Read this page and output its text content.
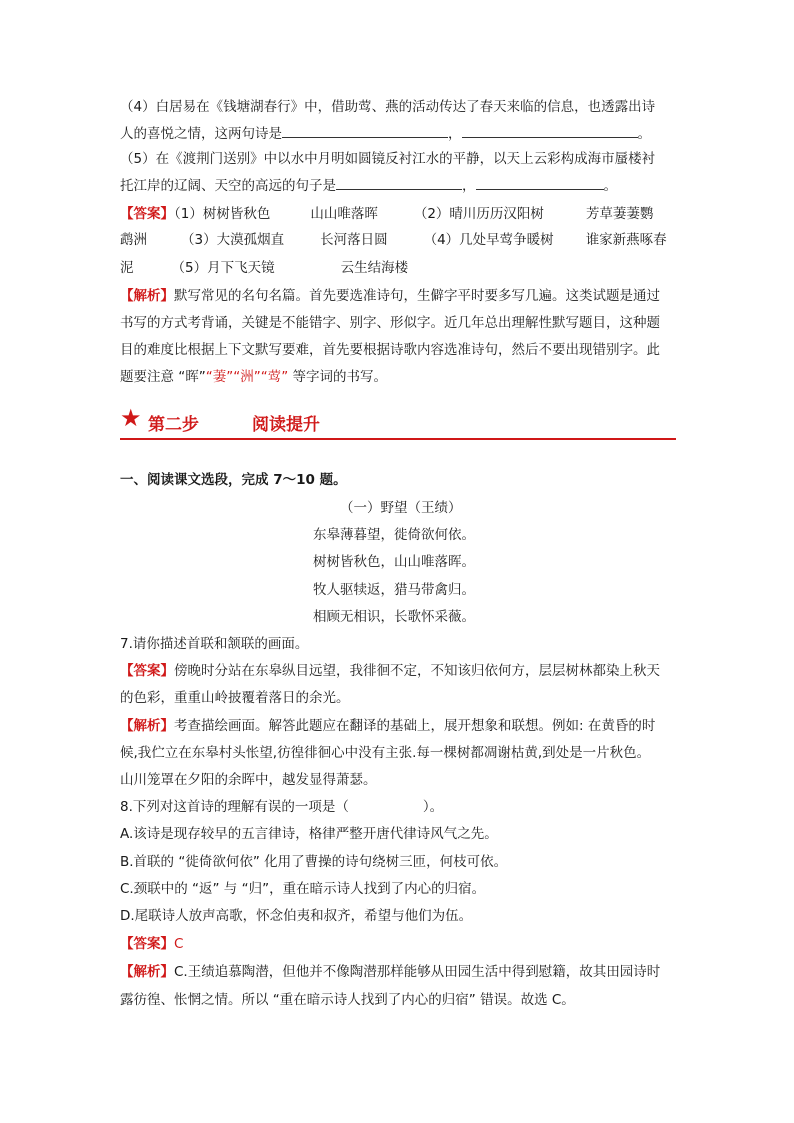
（4）白居易在《钱塘湖春行》中，借助莺、燕的活动传达了春天来临的信息，也透露出诗
人的喜悦之情，这两句诗是	，	。
（5）在《渡荆门送别》中以水中月明如圆镜反衬江水的平静，以天上云彩构成海市蜃楼衬
托江岸的辽阔、天空的高远的句子是	，	。
【答案】（1）树树皆秋色	山山唯落晖	（2）晴川历历汉阳树	芳草萋萋鹦
鹉洲	（3）大漠孤烟直	长河落日圆	（4）几处早莺争暖树 谁家新燕啄春
泥	（5）月下飞天镜	云生结海楼
【解析】默写常见的名句名篇。首先要选准诗句，生僻字平时要多写几遍。这类试题是通过
书写的方式考背诵，关键是不能错字、别字、形似字。近几年总出理解性默写题目，这种题
目的难度比根据上下文默写要难，首先要根据诗歌内容选准诗句，然后不要出现错别字。此
题要注意 “晖”“萋”“洲”“莺” 等字词的书写。
★ 第二步	阅读提升
一、阅读课文选段，完成 7～10 题。
（一）野望（王绩）
东皋薄暮望，徙倚欲何依。
树树皆秋色，山山唯落晖。
牧人驱犊返，猎马带禽归。
相顾无相识，长歌怀采薇。
7.请你描述首联和颔联的画面。
【答案】傍晚时分站在东皋纵目远望，我徘徊不定，不知该归依何方，层层树林都染上秋天
的色彩，重重山岭披覆着落日的余光。
【解析】考查描绘画面。解答此题应在翻译的基础上，展开想象和联想。例如: 在黄昏的时
候,我伫立在东皋村头怅望,彷徨徘徊心中没有主张.每一棵树都凋谢枯黄,到处是一片秋色。
山川笼罩在夕阳的余晖中，越发显得萧瑟。
8.下列对这首诗的理解有误的一项是（	）。
A.该诗是现存较早的五言律诗，格律严整开唐代律诗风气之先。
B.首联的 “徙倚欲何依” 化用了曹操的诗句绕树三匝，何枝可依。
C.颈联中的 “返” 与 “归”，重在暗示诗人找到了内心的归宿。
D.尾联诗人放声高歌，怀念伯夷和叔齐，希望与他们为伍。
【答案】C
【解析】C.王绩追慕陶潜，但他并不像陶潜那样能够从田园生活中得到慰籍，故其田园诗时
露彷徨、怅惘之情。所以 “重在暗示诗人找到了内心的归宿” 错误。故选 C。
